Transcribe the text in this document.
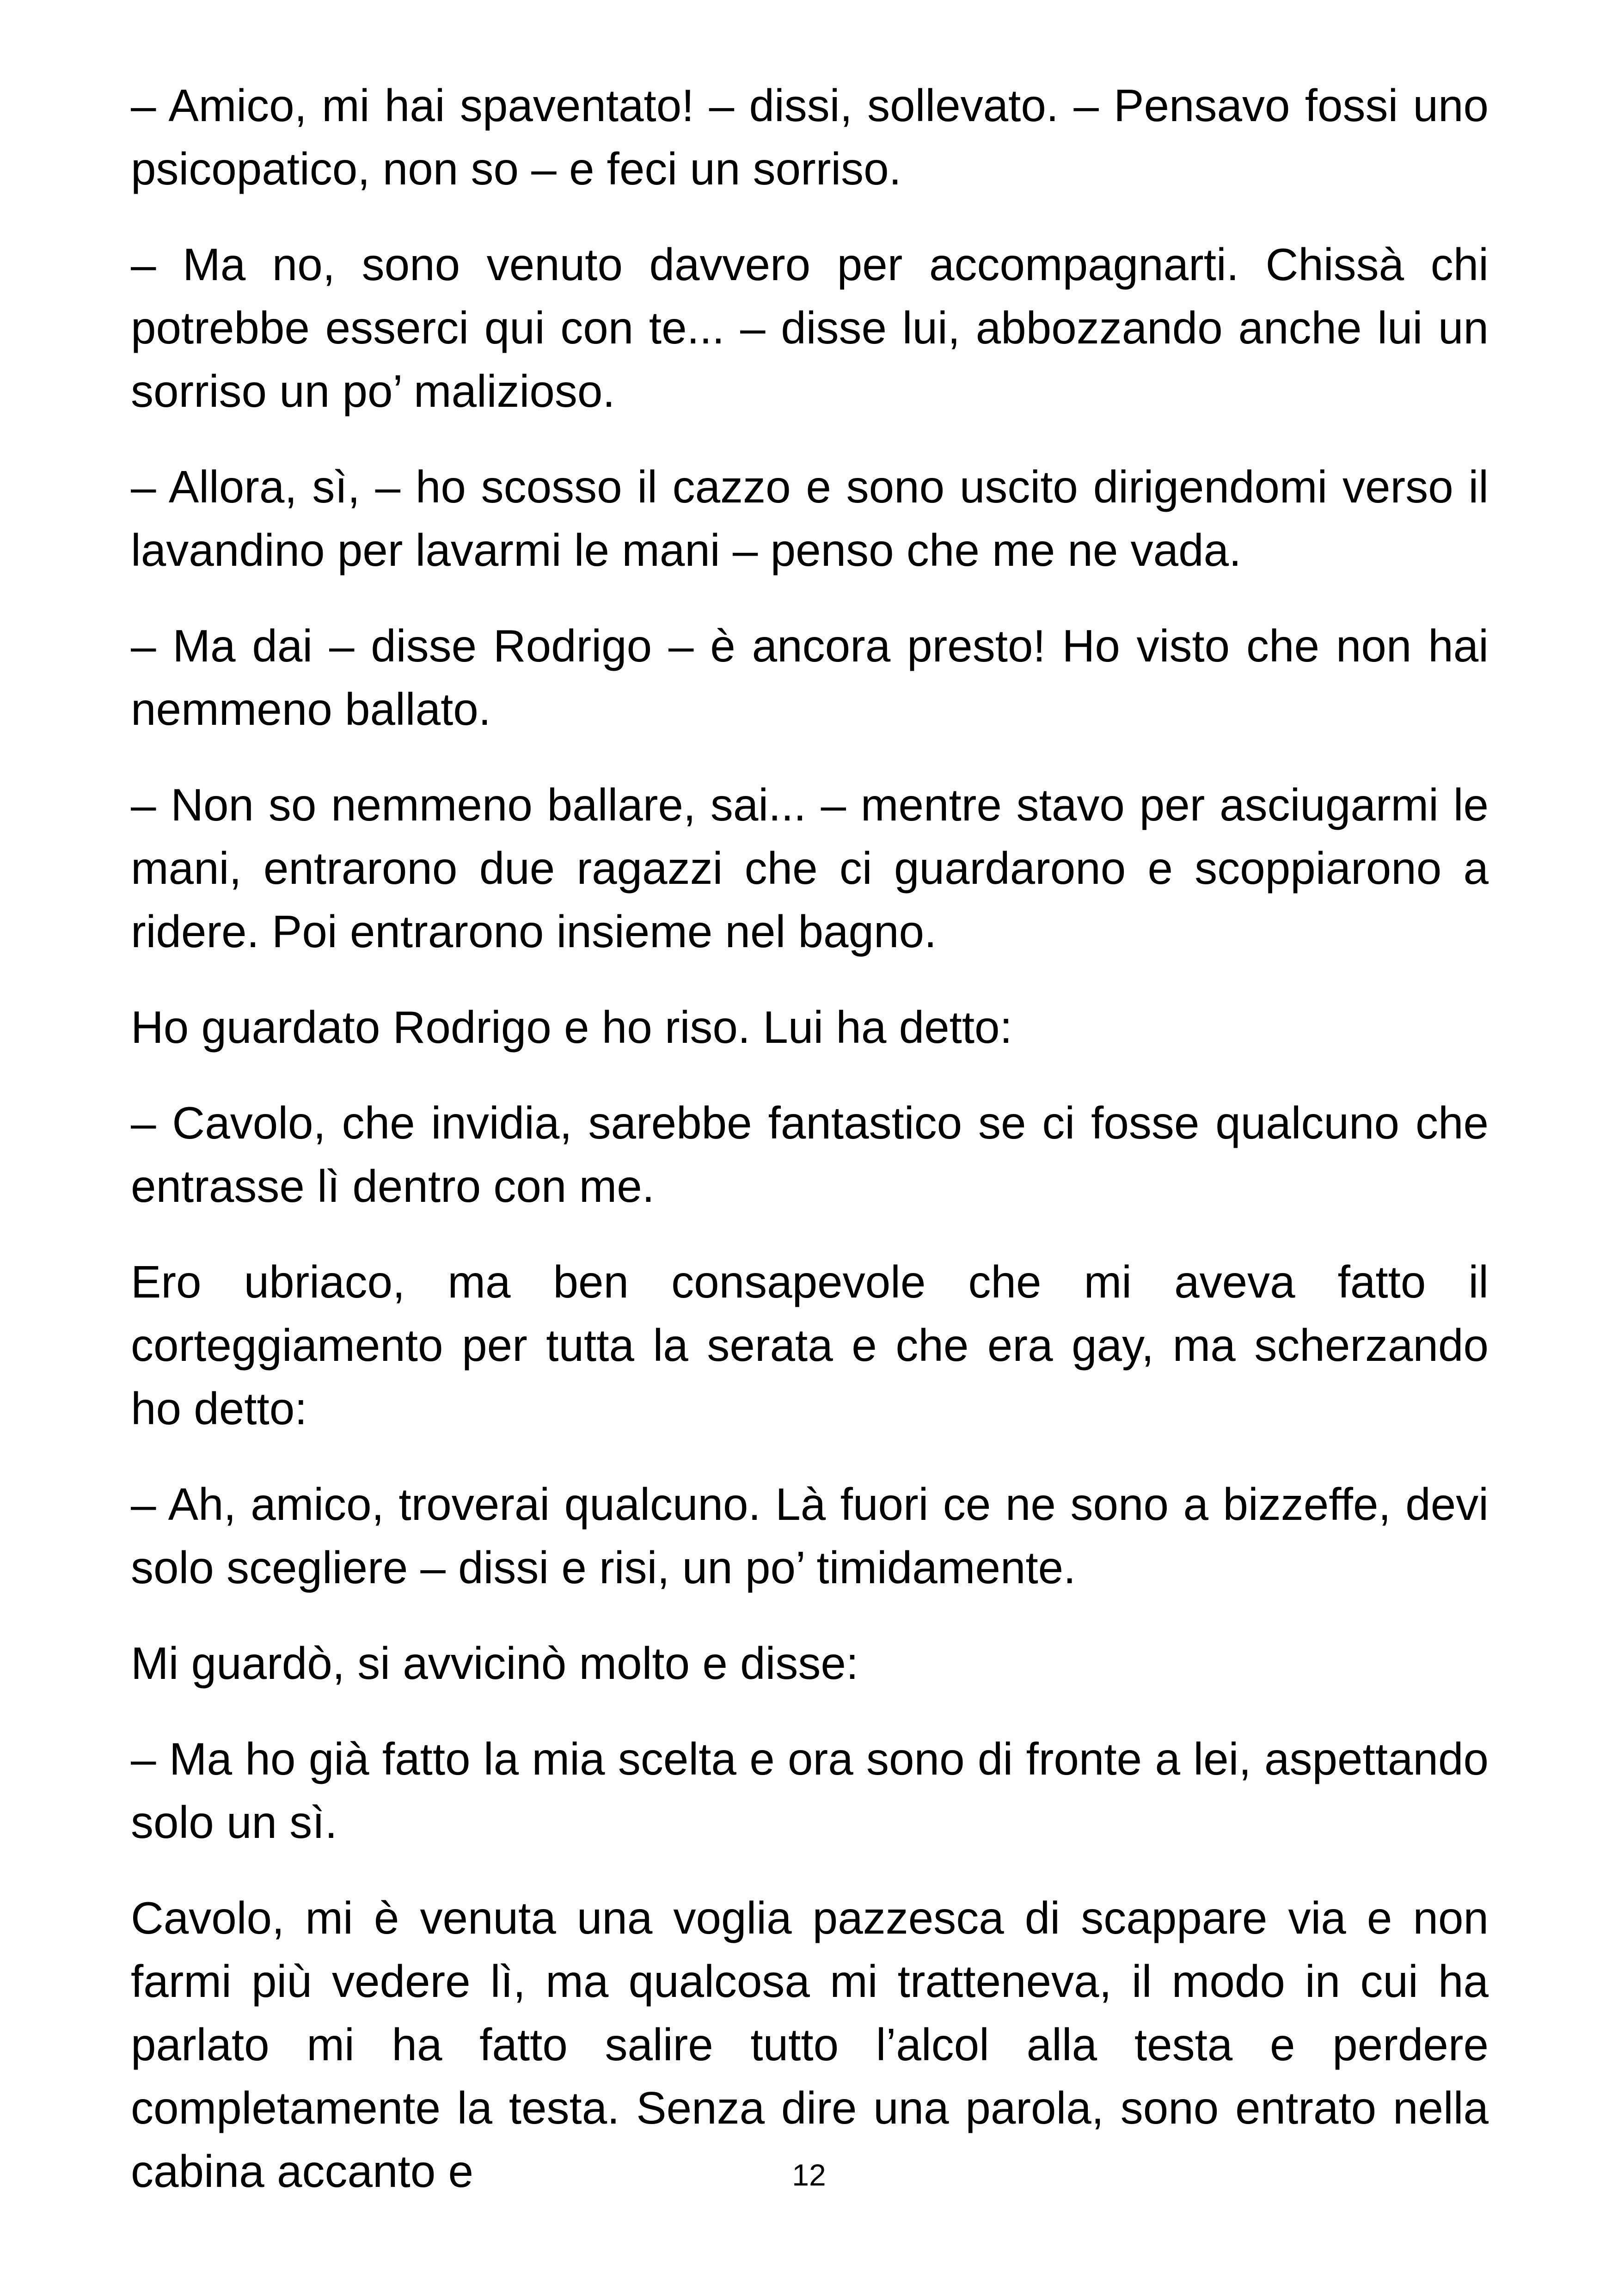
– Amico, mi hai spaventato! – dissi, sollevato. – Pensavo fossi uno psicopatico, non so – e feci un sorriso.

– Ma no, sono venuto davvero per accompagnarti. Chissà chi potrebbe esserci qui con te... – disse lui, abbozzando anche lui un sorriso un po’ malizioso.

– Allora, sì, – ho scosso il cazzo e sono uscito dirigendomi verso il lavandino per lavarmi le mani – penso che me ne vada.

– Ma dai – disse Rodrigo – è ancora presto! Ho visto che non hai nemmeno ballato.

– Non so nemmeno ballare, sai... – mentre stavo per asciugarmi le mani, entrarono due ragazzi che ci guardarono e scoppiarono a ridere. Poi entrarono insieme nel bagno.

Ho guardato Rodrigo e ho riso. Lui ha detto:

– Cavolo, che invidia, sarebbe fantastico se ci fosse qualcuno che entrasse lì dentro con me.

Ero ubriaco, ma ben consapevole che mi aveva fatto il corteggiamento per tutta la serata e che era gay, ma scherzando ho detto:

– Ah, amico, troverai qualcuno. Là fuori ce ne sono a bizzeffe, devi solo scegliere – dissi e risi, un po’ timidamente.

Mi guardò, si avvicinò molto e disse:

– Ma ho già fatto la mia scelta e ora sono di fronte a lei, aspettando solo un sì.

Cavolo, mi è venuta una voglia pazzesca di scappare via e non farmi più vedere lì, ma qualcosa mi tratteneva, il modo in cui ha parlato mi ha fatto salire tutto l’alcol alla testa e perdere completamente la testa. Senza dire una parola, sono entrato nella cabina accanto e	12
